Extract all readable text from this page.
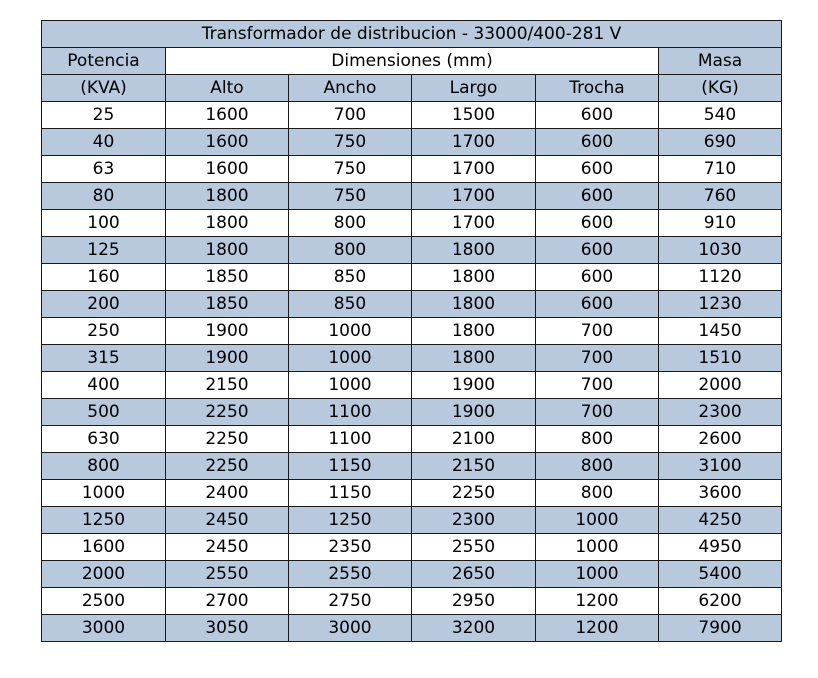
Transformador de distribucion - 33000/400-281 V					
Potencia	Dimensiones (mm)				Masa
(KVA)	Alto	Ancho	Largo	Trocha	(KG)
25	1600	700	1500	600	540
40	1600	750	1700	600	690
63	1600	750	1700	600	710
80	1800	750	1700	600	760
100	1800	800	1700	600	910
125	1800	800	1800	600	1030
160	1850	850	1800	600	1120
200	1850	850	1800	600	1230
250	1900	1000	1800	700	1450
315	1900	1000	1800	700	1510
400	2150	1000	1900	700	2000
500	2250	1100	1900	700	2300
630	2250	1100	2100	800	2600
800	2250	1150	2150	800	3100
1000	2400	1150	2250	800	3600
1250	2450	1250	2300	1000	4250
1600	2450	2350	2550	1000	4950
2000	2550	2550	2650	1000	5400
2500	2700	2750	2950	1200	6200
3000	3050	3000	3200	1200	7900
